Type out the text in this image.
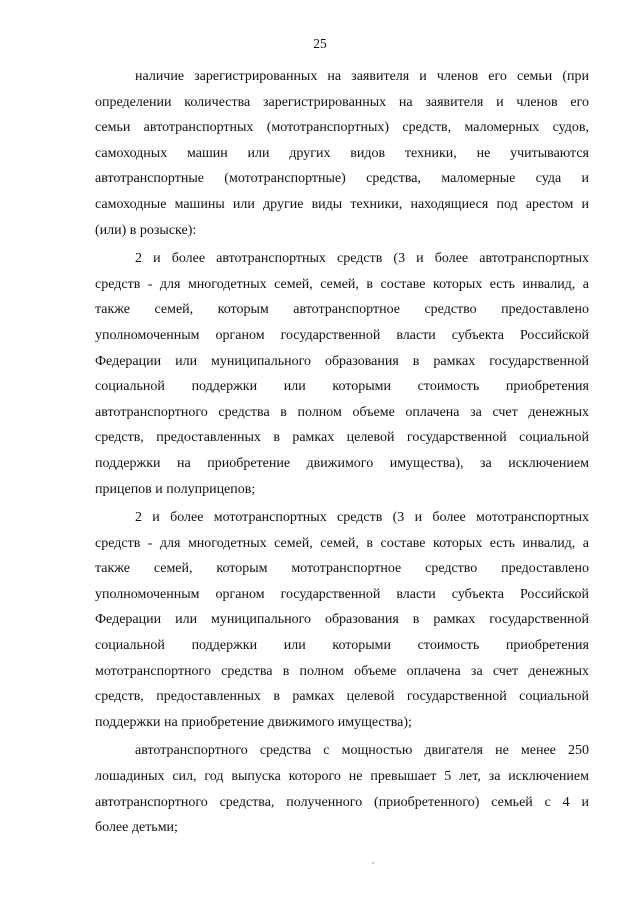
25
наличие зарегистрированных на заявителя и членов его семьи (при
определении количества зарегистрированных на заявителя и членов его
семьи автотранспортных (мототранспортных) средств, маломерных судов,
самоходных машин или других видов техники, не учитываются
автотранспортные (мототранспортные) средства, маломерные суда и
самоходные машины или другие виды техники, находящиеся под арестом и
(или) в розыске):
2 и более автотранспортных средств (3 и более автотранспортных
средств - для многодетных семей, семей, в составе которых есть инвалид, а
также семей, которым автотранспортное средство предоставлено
уполномоченным органом государственной власти субъекта Российской
Федерации или муниципального образования в рамках государственной
социальной поддержки или которыми стоимость приобретения
автотранспортного средства в полном объеме оплачена за счет денежных
средств, предоставленных в рамках целевой государственной социальной
поддержки на приобретение движимого имущества), за исключением
прицепов и полуприцепов;
2 и более мототранспортных средств (3 и более мототранспортных
средств - для многодетных семей, семей, в составе которых есть инвалид, а
также семей, которым мототранспортное средство предоставлено
уполномоченным органом государственной власти субъекта Российской
Федерации или муниципального образования в рамках государственной
социальной поддержки или которыми стоимость приобретения
мототранспортного средства в полном объеме оплачена за счет денежных
средств, предоставленных в рамках целевой государственной социальной
поддержки на приобретение движимого имущества);
автотранспортного средства с мощностью двигателя не менее 250
лошадиных сил, год выпуска которого не превышает 5 лет, за исключением
автотранспортного средства, полученного (приобретенного) семьей с 4 и
более детьми;
